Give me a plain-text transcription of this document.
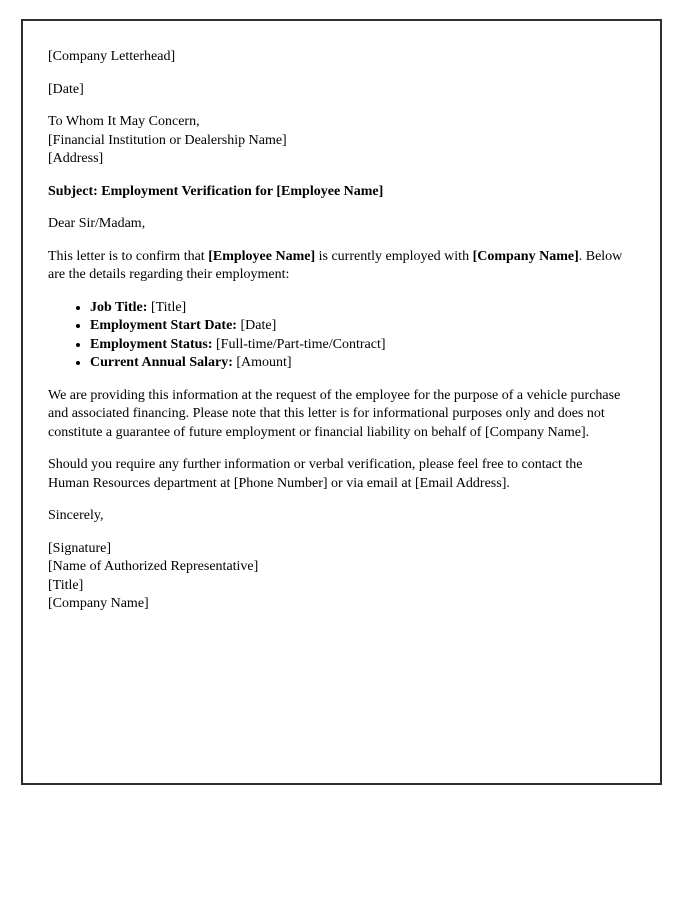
[Company Letterhead]

[Date]

To Whom It May Concern,
[Financial Institution or Dealership Name]
[Address]

Subject: Employment Verification for [Employee Name]

Dear Sir/Madam,

This letter is to confirm that [Employee Name] is currently employed with [Company Name]. Below are the details regarding their employment:

• Job Title: [Title]
• Employment Start Date: [Date]
• Employment Status: [Full-time/Part-time/Contract]
• Current Annual Salary: [Amount]

We are providing this information at the request of the employee for the purpose of a vehicle purchase and associated financing. Please note that this letter is for informational purposes only and does not constitute a guarantee of future employment or financial liability on behalf of [Company Name].

Should you require any further information or verbal verification, please feel free to contact the Human Resources department at [Phone Number] or via email at [Email Address].

Sincerely,

[Signature]
[Name of Authorized Representative]
[Title]
[Company Name]
